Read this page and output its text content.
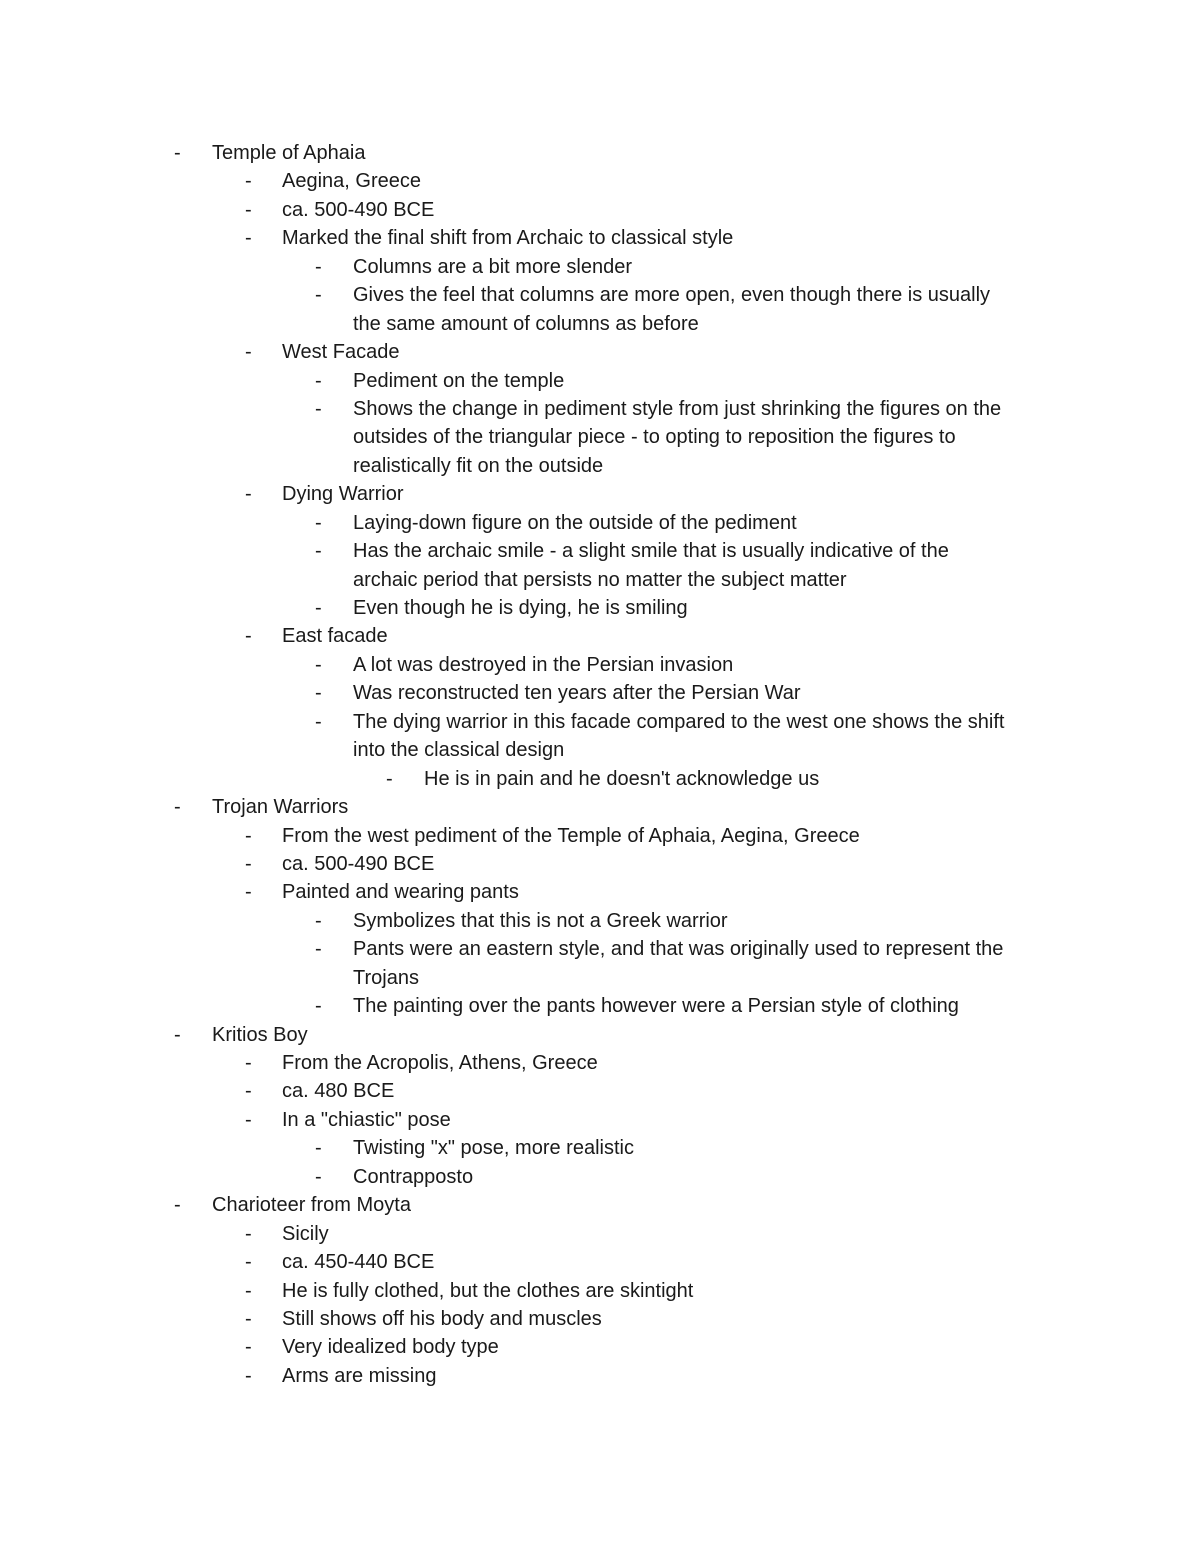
- Temple of Aphaia
- Aegina, Greece
- ca. 500-490 BCE
- Marked the final shift from Archaic to classical style
- Columns are a bit more slender
- Gives the feel that columns are more open, even though there is usually
the same amount of columns as before
- West Facade
- Pediment on the temple
- Shows the change in pediment style from just shrinking the figures on the
outsides of the triangular piece - to opting to reposition the figures to
realistically fit on the outside
- Dying Warrior
- Laying-down figure on the outside of the pediment
- Has the archaic smile - a slight smile that is usually indicative of the
archaic period that persists no matter the subject matter
- Even though he is dying, he is smiling
- East facade
- A lot was destroyed in the Persian invasion
- Was reconstructed ten years after the Persian War
- The dying warrior in this facade compared to the west one shows the shift
into the classical design
- He is in pain and he doesn't acknowledge us
- Trojan Warriors
- From the west pediment of the Temple of Aphaia, Aegina, Greece
- ca. 500-490 BCE
- Painted and wearing pants
- Symbolizes that this is not a Greek warrior
- Pants were an eastern style, and that was originally used to represent the
Trojans
- The painting over the pants however were a Persian style of clothing
- Kritios Boy
- From the Acropolis, Athens, Greece
- ca. 480 BCE
- In a "chiastic" pose
- Twisting "x" pose, more realistic
- Contrapposto
- Charioteer from Moyta
- Sicily
- ca. 450-440 BCE
- He is fully clothed, but the clothes are skintight
- Still shows off his body and muscles
- Very idealized body type
- Arms are missing
